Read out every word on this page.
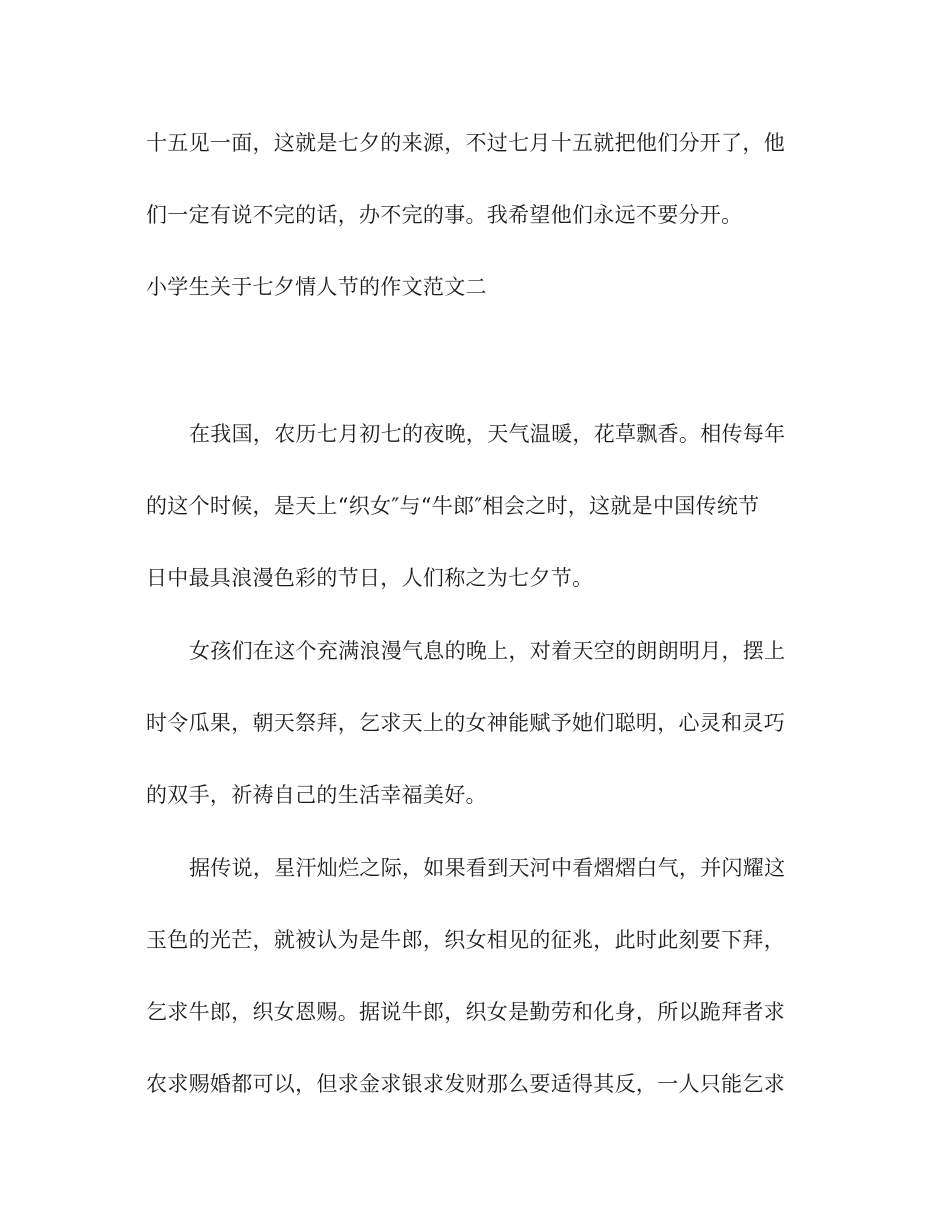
十五见一面，这就是七夕的来源，不过七月十五就把他们分开了，他
们一定有说不完的话，办不完的事。我希望他们永远不要分开。
小学生关于七夕情人节的作文范文二
在我国，农历七月初七的夜晚，天气温暖，花草飘香。相传每年
的这个时候，是天上“织女″与“牛郎″相会之时，这就是中国传统节
日中最具浪漫色彩的节日，人们称之为七夕节。
女孩们在这个充满浪漫气息的晚上，对着天空的朗朗明月，摆上
时令瓜果，朝天祭拜，乞求天上的女神能赋予她们聪明，心灵和灵巧
的双手，祈祷自己的生活幸福美好。
据传说，星汗灿烂之际，如果看到天河中看熠熠白气，并闪耀这
玉色的光芒，就被认为是牛郎，织女相见的征兆，此时此刻要下拜，
乞求牛郎，织女恩赐。据说牛郎，织女是勤劳和化身，所以跪拜者求
农求赐婚都可以，但求金求银求发财那么要适得其反，一人只能乞求
